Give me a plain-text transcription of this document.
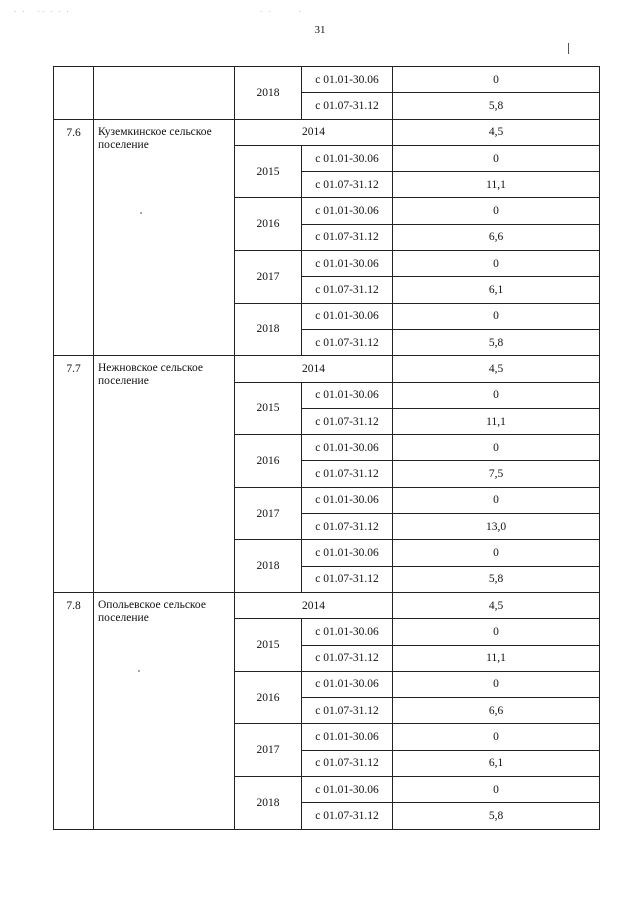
· ·   ·· · · ·	· ·       ·
31
		2018	с 01.01-30.06	0
			с 01.07-31.12	5,8
7.6	Куземкинское сельское поселение	2014		4,5
		2015	с 01.01-30.06	0
			с 01.07-31.12	11,1
		2016	с 01.01-30.06	0
			с 01.07-31.12	6,6
		2017	с 01.01-30.06	0
			с 01.07-31.12	6,1
		2018	с 01.01-30.06	0
			с 01.07-31.12	5,8
7.7	Нежновское сельское поселение	2014		4,5
		2015	с 01.01-30.06	0
			с 01.07-31.12	11,1
		2016	с 01.01-30.06	0
			с 01.07-31.12	7,5
		2017	с 01.01-30.06	0
			с 01.07-31.12	13,0
		2018	с 01.01-30.06	0
			с 01.07-31.12	5,8
7.8	Опольевское сельское поселение	2014		4,5
		2015	с 01.01-30.06	0
			с 01.07-31.12	11,1
		2016	с 01.01-30.06	0
			с 01.07-31.12	6,6
		2017	с 01.01-30.06	0
			с 01.07-31.12	6,1
		2018	с 01.01-30.06	0
			с 01.07-31.12	5,8
